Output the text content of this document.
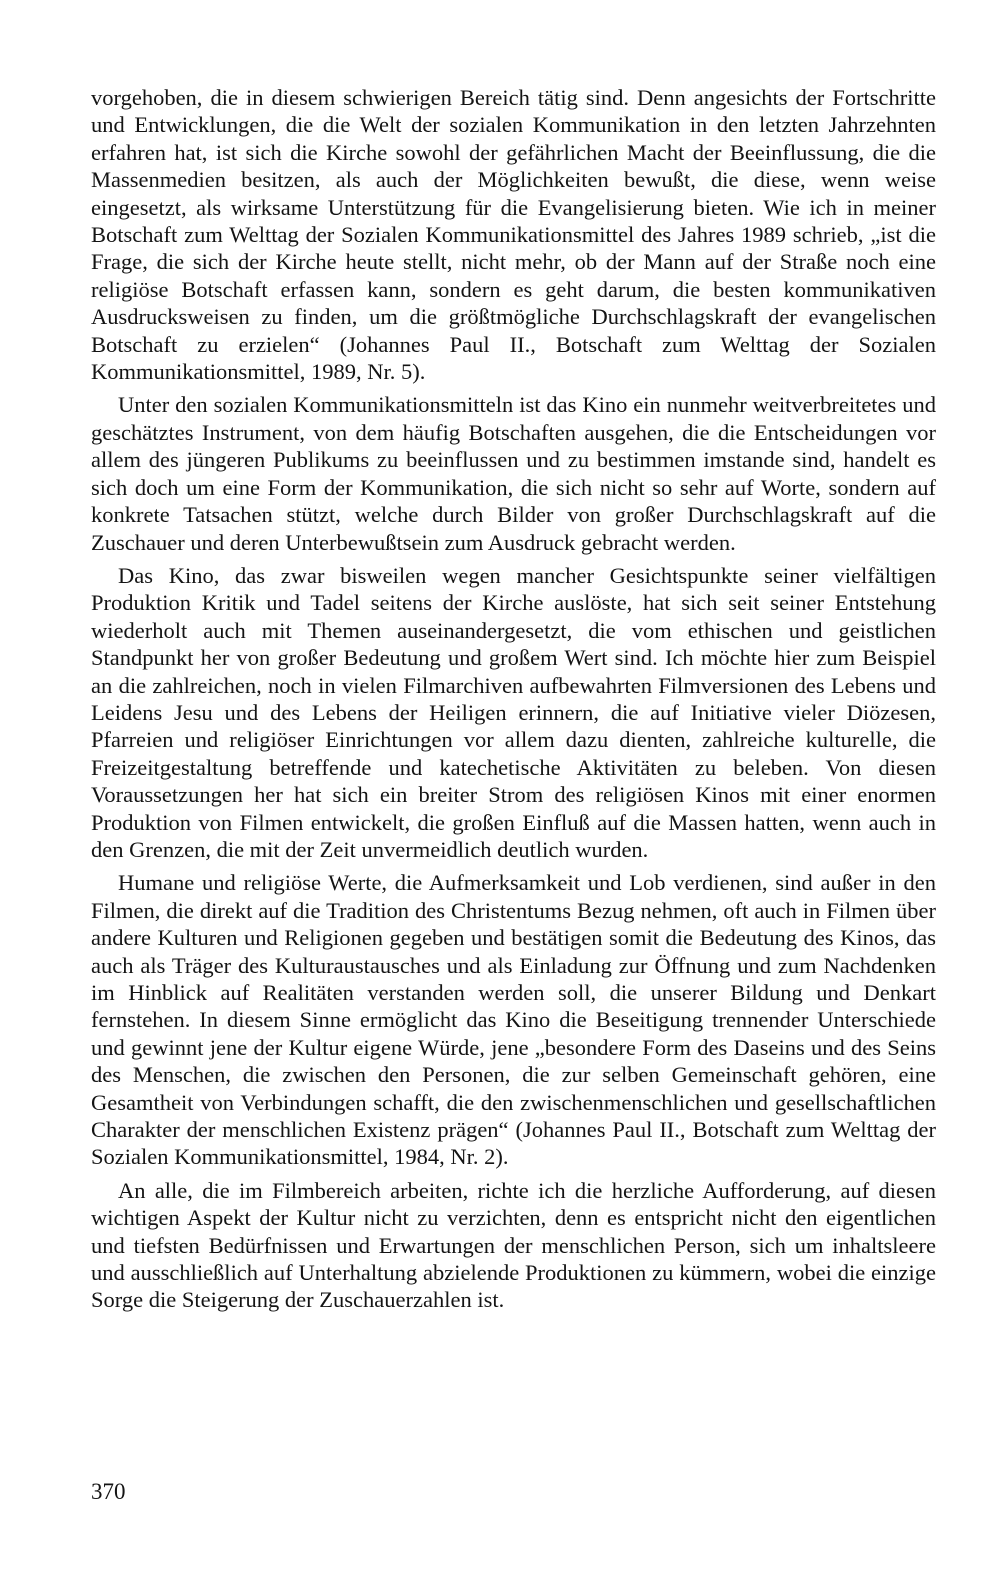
vorgehoben, die in diesem schwierigen Bereich tätig sind. Denn angesichts der Fortschritte und Entwicklungen, die die Welt der sozialen Kommunikation in den letzten Jahrzehnten erfahren hat, ist sich die Kirche sowohl der gefährlichen Macht der Beeinflussung, die die Massenmedien besitzen, als auch der Möglichkeiten bewußt, die diese, wenn weise eingesetzt, als wirksame Unterstützung für die Evangelisierung bieten. Wie ich in meiner Botschaft zum Welttag der Sozialen Kommunikationsmittel des Jahres 1989 schrieb, „ist die Frage, die sich der Kirche heute stellt, nicht mehr, ob der Mann auf der Straße noch eine religiöse Botschaft erfassen kann, sondern es geht darum, die besten kommunikativen Ausdrucksweisen zu finden, um die größtmögliche Durchschlagskraft der evangelischen Botschaft zu erzielen“ (Johannes Paul II., Botschaft zum Welttag der Sozialen Kommunikationsmittel, 1989, Nr. 5).

Unter den sozialen Kommunikationsmitteln ist das Kino ein nunmehr weitverbreitetes und geschätztes Instrument, von dem häufig Botschaften ausgehen, die die Entscheidungen vor allem des jüngeren Publikums zu beeinflussen und zu bestimmen imstande sind, handelt es sich doch um eine Form der Kommunikation, die sich nicht so sehr auf Worte, sondern auf konkrete Tatsachen stützt, welche durch Bilder von großer Durchschlagskraft auf die Zuschauer und deren Unterbewußtsein zum Ausdruck gebracht werden.

Das Kino, das zwar bisweilen wegen mancher Gesichtspunkte seiner vielfältigen Produktion Kritik und Tadel seitens der Kirche auslöste, hat sich seit seiner Entstehung wiederholt auch mit Themen auseinandergesetzt, die vom ethischen und geistlichen Standpunkt her von großer Bedeutung und großem Wert sind. Ich möchte hier zum Beispiel an die zahlreichen, noch in vielen Filmarchiven aufbewahrten Filmversionen des Lebens und Leidens Jesu und des Lebens der Heiligen erinnern, die auf Initiative vieler Diözesen, Pfarreien und religiöser Einrichtungen vor allem dazu dienten, zahlreiche kulturelle, die Freizeitgestaltung betreffende und katechetische Aktivitäten zu beleben. Von diesen Voraussetzungen her hat sich ein breiter Strom des religiösen Kinos mit einer enormen Produktion von Filmen entwickelt, die großen Einfluß auf die Massen hatten, wenn auch in den Grenzen, die mit der Zeit unvermeidlich deutlich wurden.

Humane und religiöse Werte, die Aufmerksamkeit und Lob verdienen, sind außer in den Filmen, die direkt auf die Tradition des Christentums Bezug nehmen, oft auch in Filmen über andere Kulturen und Religionen gegeben und bestätigen somit die Bedeutung des Kinos, das auch als Träger des Kulturaustausches und als Einladung zur Öffnung und zum Nachdenken im Hinblick auf Realitäten verstanden werden soll, die unserer Bildung und Denkart fernstehen. In diesem Sinne ermöglicht das Kino die Beseitigung trennender Unterschiede und gewinnt jene der Kultur eigene Würde, jene „besondere Form des Daseins und des Seins des Menschen, die zwischen den Personen, die zur selben Gemeinschaft gehören, eine Gesamtheit von Verbindungen schafft, die den zwischenmenschlichen und gesellschaftlichen Charakter der menschlichen Existenz prägen“ (Johannes Paul II., Botschaft zum Welttag der Sozialen Kommunikationsmittel, 1984, Nr. 2).

An alle, die im Filmbereich arbeiten, richte ich die herzliche Aufforderung, auf diesen wichtigen Aspekt der Kultur nicht zu verzichten, denn es entspricht nicht den eigentlichen und tiefsten Bedürfnissen und Erwartungen der menschlichen Person, sich um inhaltsleere und ausschließlich auf Unterhaltung abzielende Produktionen zu kümmern, wobei die einzige Sorge die Steigerung der Zuschauerzahlen ist.

370
